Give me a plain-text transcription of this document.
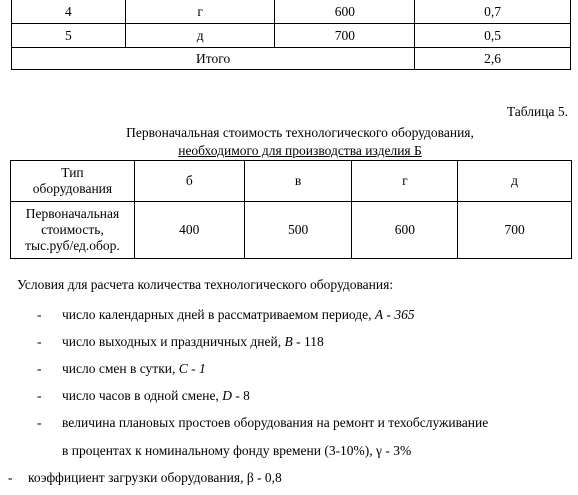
4	г	600	0,7
5	д	700	0,5
Итого			2,6
Таблица 5.
Первоначальная стоимость технологического оборудования,
необходимого для производства изделия Б
Тип
оборудования	б	в	г	д

Первоначальная
стоимость,
тыс.руб/ед.обор.	400	500	600	700
Условия для расчета количества технологического оборудования:
- число календарных дней в рассматриваемом периоде, А - 365
- число выходных и праздничных дней, В - 118
- число смен в сутки, С - 1
- число часов в одной смене, D - 8
- величина плановых простоев оборудования на ремонт и техобслуживание
в процентах к номинальному фонду времени (3-10%), γ - 3%
- коэффициент загрузки оборудования, β - 0,8
